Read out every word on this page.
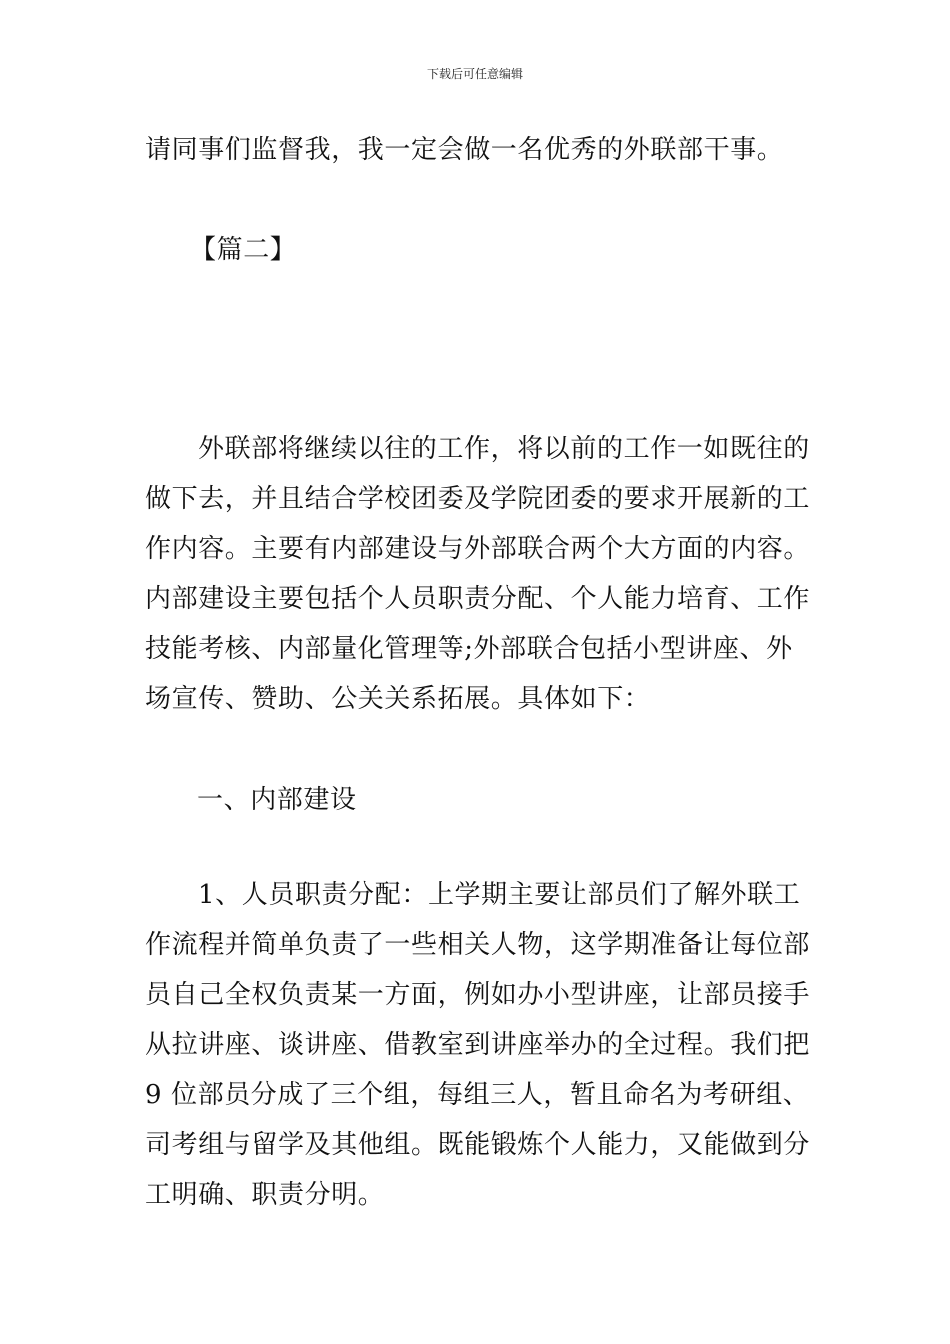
下载后可任意编辑
请同事们监督我，我一定会做一名优秀的外联部干事。
【篇二】
外联部将继续以往的工作，将以前的工作一如既往的做下去，并且结合学校团委及学院团委的要求开展新的工作内容。主要有内部建设与外部联合两个大方面的内容。内部建设主要包括个人员职责分配、个人能力培育、工作技能考核、内部量化管理等;外部联合包括小型讲座、外场宣传、赞助、公关关系拓展。具体如下：
一、内部建设
1、人员职责分配：上学期主要让部员们了解外联工作流程并简单负责了一些相关人物，这学期准备让每位部员自己全权负责某一方面，例如办小型讲座，让部员接手从拉讲座、谈讲座、借教室到讲座举办的全过程。我们把 9 位部员分成了三个组，每组三人，暂且命名为考研组、司考组与留学及其他组。既能锻炼个人能力，又能做到分工明确、职责分明。
